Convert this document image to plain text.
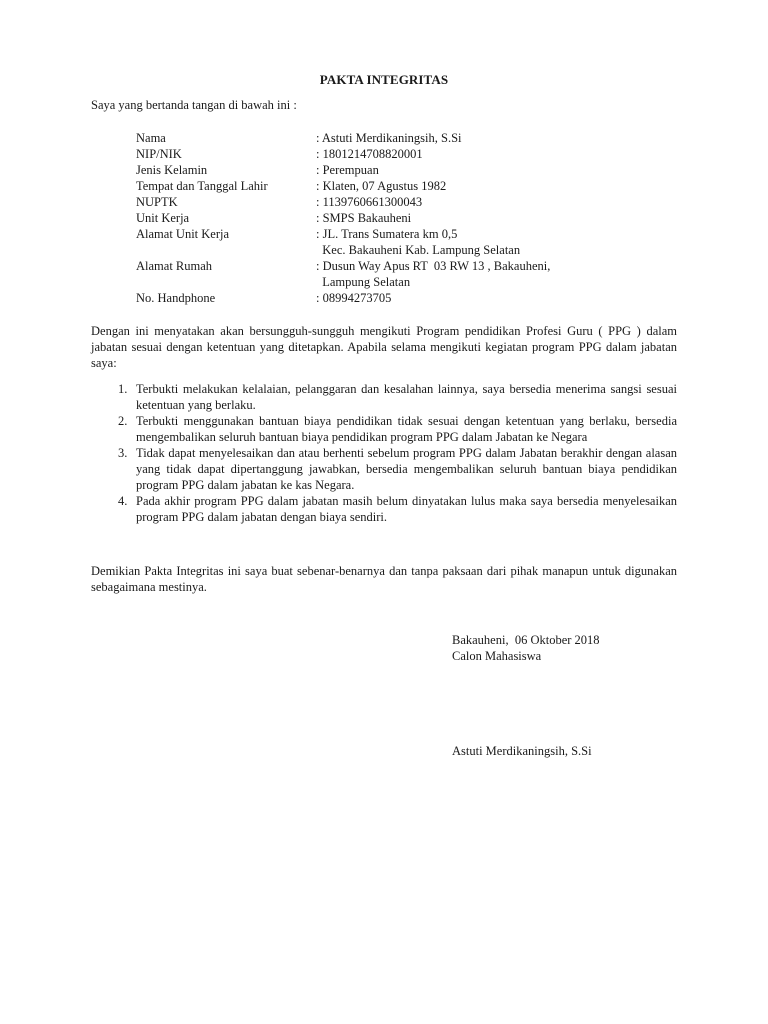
PAKTA INTEGRITAS
Saya yang bertanda tangan di bawah ini :
Nama	: Astuti Merdikaningsih, S.Si
NIP/NIK	: 1801214708820001
Jenis Kelamin	: Perempuan
Tempat dan Tanggal Lahir	: Klaten, 07 Agustus 1982
NUPTK	: 1139760661300043
Unit Kerja	: SMPS Bakauheni
Alamat Unit Kerja	: JL. Trans Sumatera km 0,5
Kec. Bakauheni Kab. Lampung Selatan
Alamat Rumah	: Dusun Way Apus RT  03 RW 13 , Bakauheni,
Lampung Selatan
No. Handphone	: 08994273705
Dengan ini menyatakan akan bersungguh-sungguh mengikuti Program pendidikan Profesi Guru ( PPG ) dalam jabatan sesuai dengan ketentuan yang ditetapkan. Apabila selama mengikuti kegiatan program PPG dalam jabatan saya:
1. Terbukti melakukan kelalaian, pelanggaran dan kesalahan lainnya, saya bersedia menerima sangsi sesuai ketentuan yang berlaku.
2. Terbukti menggunakan bantuan biaya pendidikan tidak sesuai dengan ketentuan yang berlaku, bersedia mengembalikan seluruh bantuan biaya pendidikan program PPG dalam Jabatan ke Negara
3. Tidak dapat menyelesaikan dan atau berhenti sebelum program PPG dalam Jabatan berakhir dengan alasan yang tidak dapat dipertanggung jawabkan, bersedia mengembalikan seluruh bantuan biaya pendidikan program PPG dalam jabatan ke kas Negara.
4. Pada akhir program PPG dalam jabatan masih belum dinyatakan lulus maka saya bersedia menyelesaikan program PPG dalam jabatan dengan biaya sendiri.
Demikian Pakta Integritas ini saya buat sebenar-benarnya dan tanpa paksaan dari pihak manapun untuk digunakan sebagaimana mestinya.
Bakauheni,  06 Oktober 2018
Calon Mahasiswa
Astuti Merdikaningsih, S.Si
